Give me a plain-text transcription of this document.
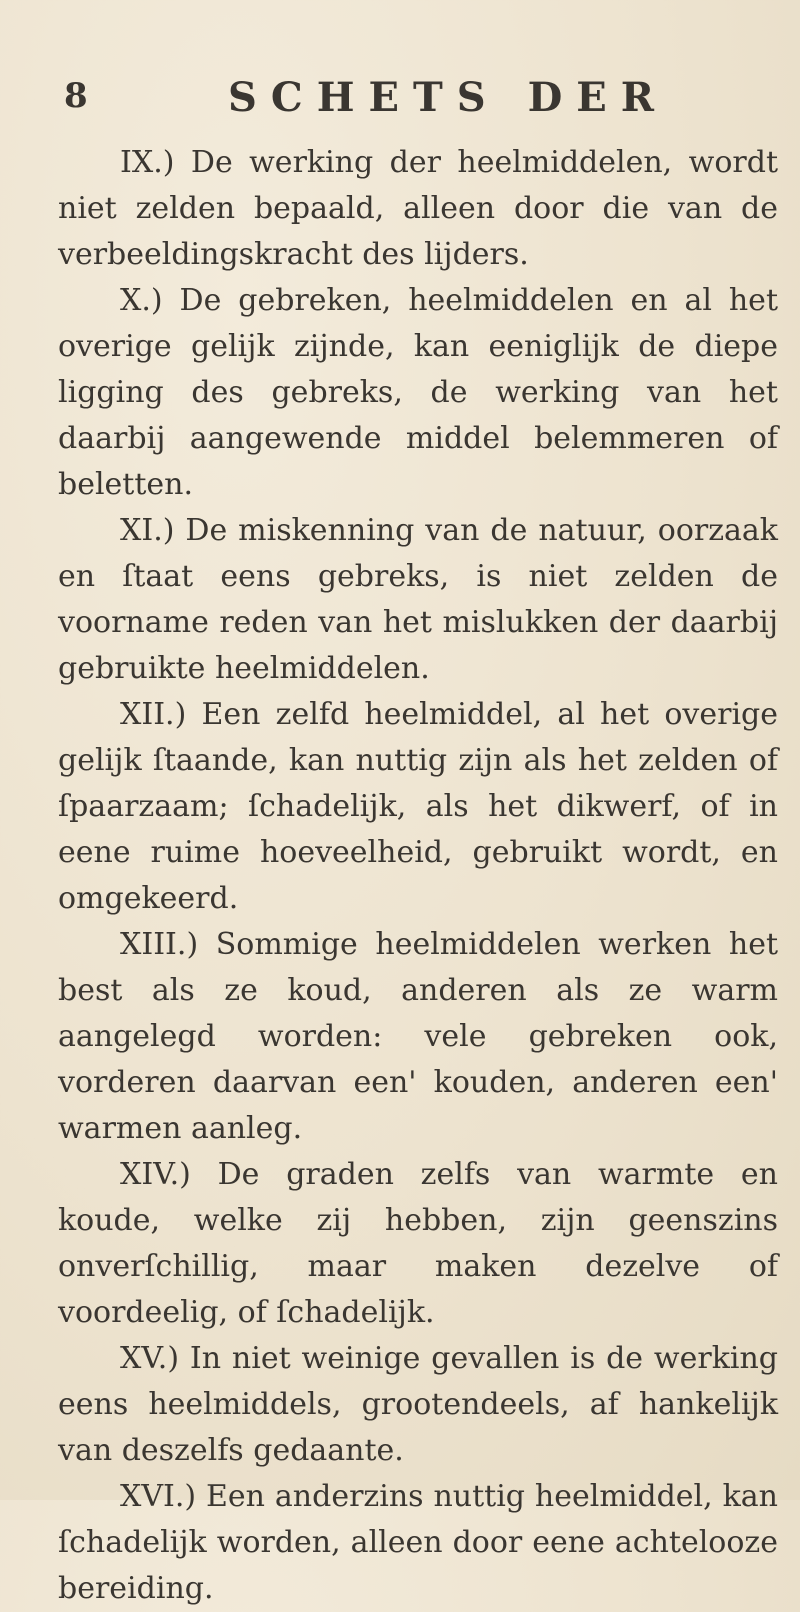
8	SCHETS DER

IX.) De werking der heelmiddelen, wordt niet zelden bepaald, alleen door die van de verbeeldingskracht des lijders.

X.) De gebreken, heelmiddelen en al het overige gelijk zijnde, kan eeniglijk de diepe ligging des gebreks, de werking van het daarbij aangewende middel belemmeren of beletten.

XI.) De miskenning van de natuur, oorzaak en ſtaat eens gebreks, is niet zelden de voorname reden van het mislukken der daarbij gebruikte heelmiddelen.

XII.) Een zelfd heelmiddel, al het overige gelijk ſtaande, kan nuttig zijn als het zelden of ſpaarzaam; ſchadelijk, als het dikwerf, of in eene ruime hoeveelheid, gebruikt wordt, en omgekeerd.

XIII.) Sommige heelmiddelen werken het best als ze koud, anderen als ze warm aangelegd worden: vele gebreken ook, vorderen daarvan een' kouden, anderen een' warmen aanleg.

XIV.) De graden zelfs van warmte en koude, welke zij hebben, zijn geenszins onverſchillig, maar maken dezelve of voordeelig, of ſchadelijk.

XV.) In niet weinige gevallen is de werking eens heelmiddels, grootendeels, af hankelijk van deszelfs gedaante.

XVI.) Een anderzins nuttig heelmiddel, kan ſchadelijk worden, alleen door eene achtelooze bereiding.
